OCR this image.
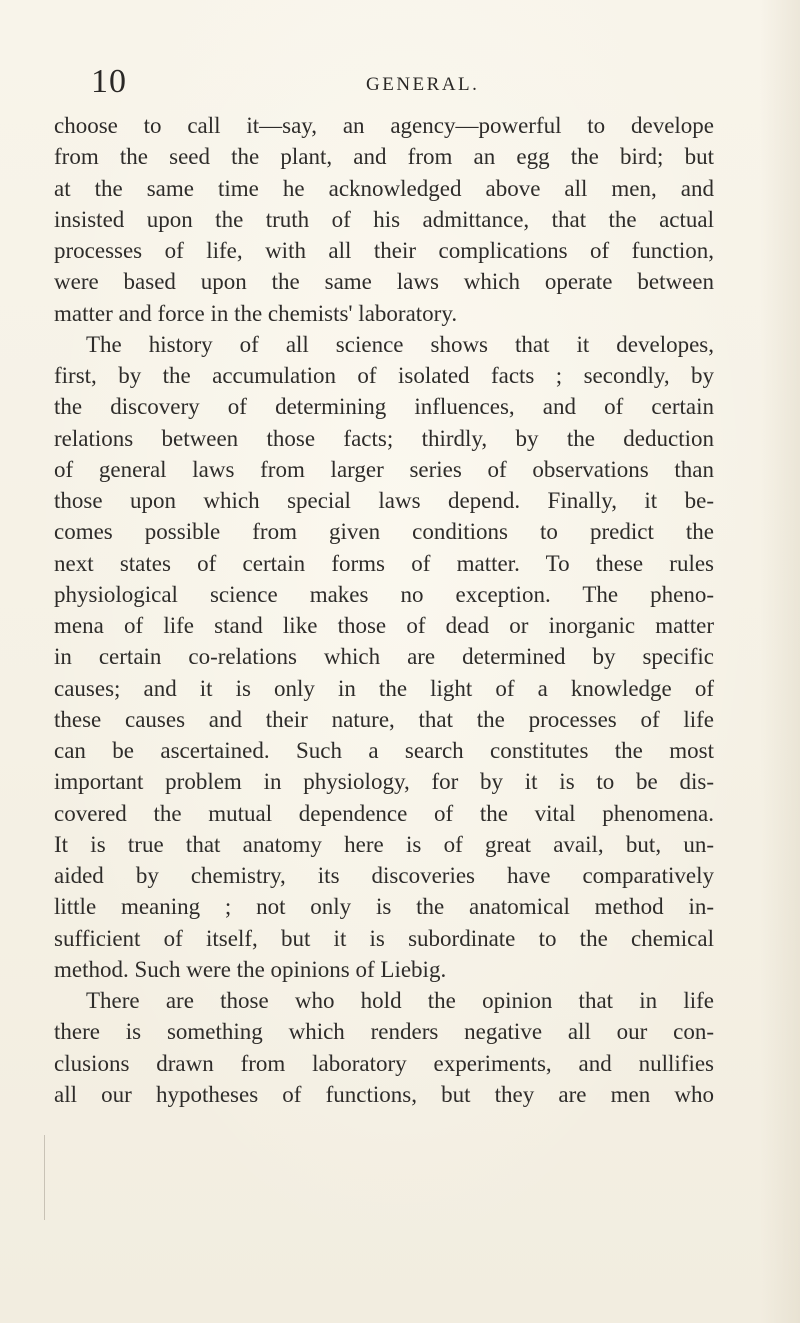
10	GENERAL.
choose to call it—say, an agency—powerful to develope
from the seed the plant, and from an egg the bird; but
at the same time he acknowledged above all men, and
insisted upon the truth of his admittance, that the actual
processes of life, with all their complications of function,
were based upon the same laws which operate between
matter and force in the chemists' laboratory.
The history of all science shows that it developes,
first, by the accumulation of isolated facts ; secondly, by
the discovery of determining influences, and of certain
relations between those facts; thirdly, by the deduction
of general laws from larger series of observations than
those upon which special laws depend. Finally, it be-
comes possible from given conditions to predict the
next states of certain forms of matter. To these rules
physiological science makes no exception. The pheno-
mena of life stand like those of dead or inorganic matter
in certain co-relations which are determined by specific
causes; and it is only in the light of a knowledge of
these causes and their nature, that the processes of life
can be ascertained. Such a search constitutes the most
important problem in physiology, for by it is to be dis-
covered the mutual dependence of the vital phenomena.
It is true that anatomy here is of great avail, but, un-
aided by chemistry, its discoveries have comparatively
little meaning ; not only is the anatomical method in-
sufficient of itself, but it is subordinate to the chemical
method. Such were the opinions of Liebig.
There are those who hold the opinion that in life
there is something which renders negative all our con-
clusions drawn from laboratory experiments, and nullifies
all our hypotheses of functions, but they are men who
